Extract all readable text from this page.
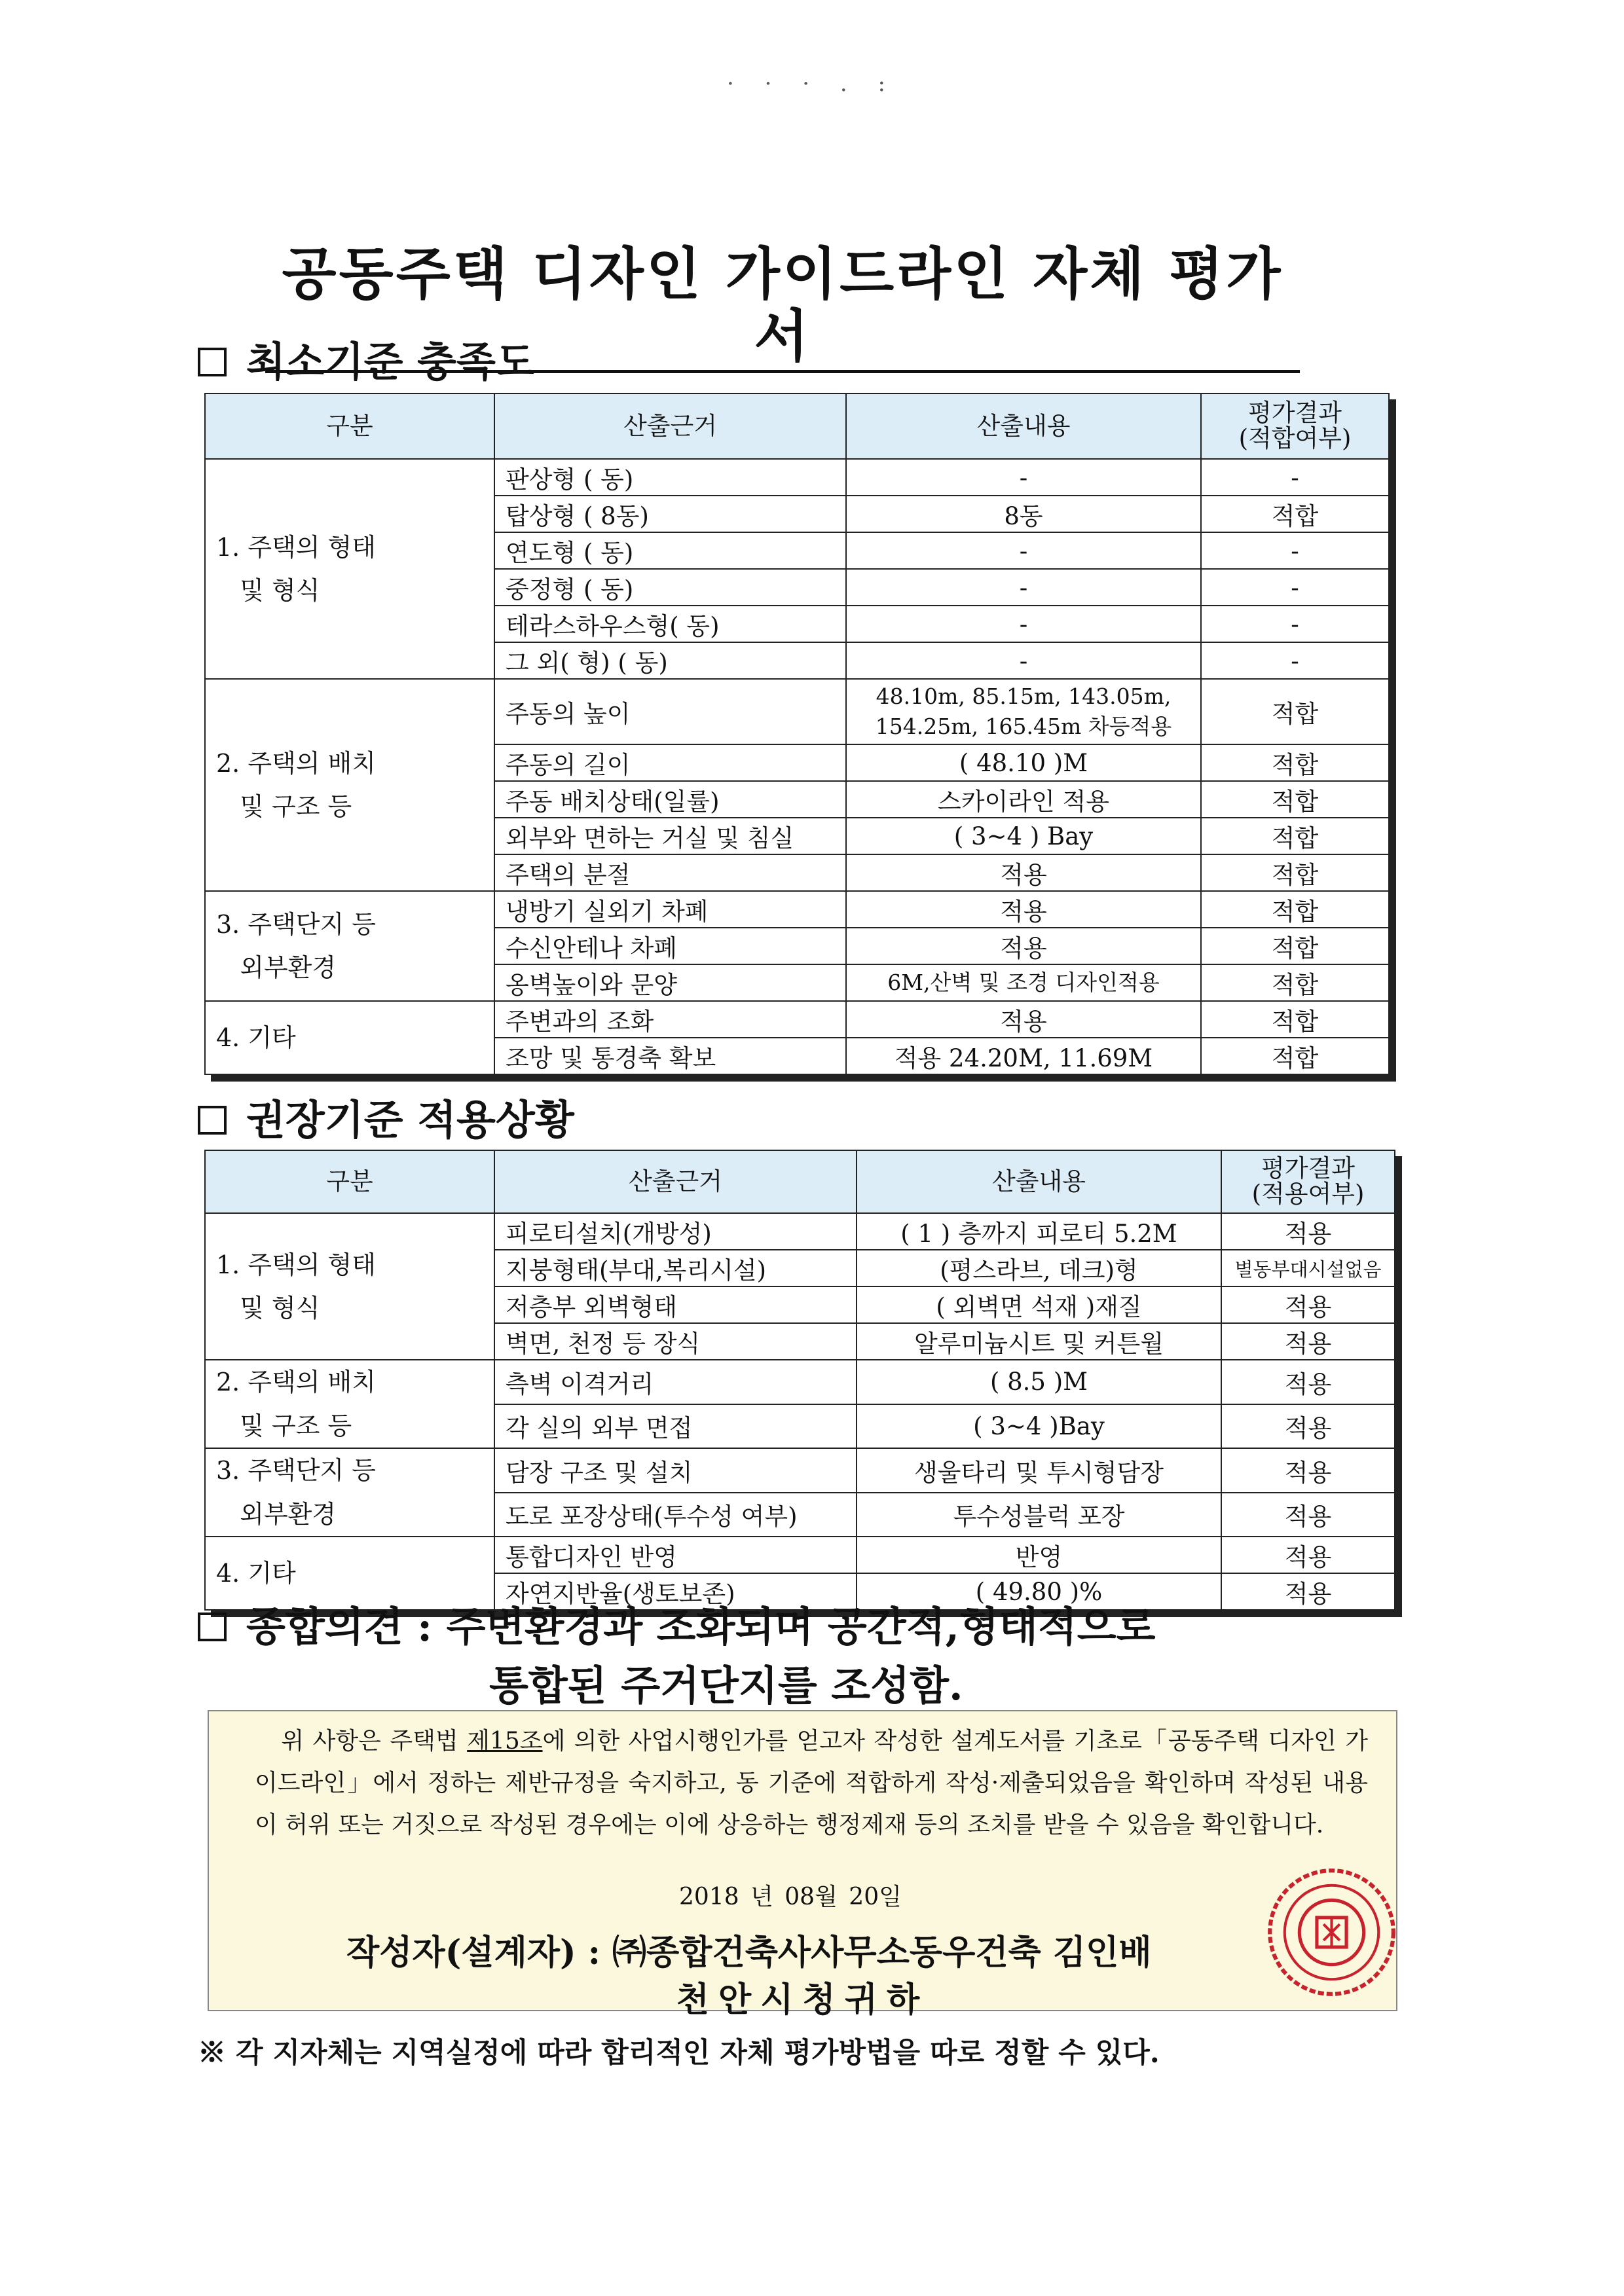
· · · . :
공동주택 디자인 가이드라인 자체 평가서
최소기준 충족도
구분	산출근거	산출내용	평가결과
(적합여부)
1. 주택의 형태
및 형식	판상형 ( 동)	-	-
	탑상형 ( 8동)	8동	적합
	연도형 ( 동)	-	-
	중정형 ( 동)	-	-
	테라스하우스형( 동)	-	-
	그 외( 형) ( 동)	-	-
2. 주택의 배치
및 구조 등	주동의 높이	48.10m, 85.15m, 143.05m,
154.25m, 165.45m 차등적용	적합
	주동의 길이	( 48.10 )M	적합
	주동 배치상태(일률)	스카이라인 적용	적합
	외부와 면하는 거실 및 침실	( 3~4 ) Bay	적합
	주택의 분절	적용	적합
3. 주택단지 등
외부환경	냉방기 실외기 차폐	적용	적합
	수신안테나 차폐	적용	적합
	옹벽높이와 문양	6M,산벽 및 조경 디자인적용	적합
4. 기타	주변과의 조화	적용	적합
	조망 및 통경축 확보	적용 24.20M, 11.69M	적합
권장기준 적용상황
구분	산출근거	산출내용	평가결과
(적용여부)
1. 주택의 형태
및 형식	피로티설치(개방성)	( 1 ) 층까지 피로티 5.2M	적용
	지붕형태(부대,복리시설)	(평스라브, 데크)형	별동부대시설없음
	저층부 외벽형태	( 외벽면 석재 )재질	적용
	벽면, 천정 등 장식	알루미늄시트 및 커튼월	적용
2. 주택의 배치
및 구조 등	측벽 이격거리	( 8.5 )M	적용
	각 실의 외부 면접	( 3~4 )Bay	적용
3. 주택단지 등
외부환경	담장 구조 및 설치	생울타리 및 투시형담장	적용
	도로 포장상태(투수성 여부)	투수성블럭 포장	적용
4. 기타	통합디자인 반영	반영	적용
	자연지반율(생토보존)	( 49.80 )%	적용
종합의견 :
주변환경과 조화되며 공간적,형태적으로
통합된 주거단지를 조성함.
위 사항은 주택법 제15조에 의한 사업시행인가를 얻고자 작성한 설계도서를 기초로「공동주택 디자인 가이드라인」에서 정하는 제반규정을 숙지하고, 동 기준에 적합하게 작성·제출되었음을 확인하며 작성된 내용이 허위 또는 거짓으로 작성된 경우에는 이에 상응하는 행정제재 등의 조치를 받을 수 있음을 확인합니다.
2018 년 08월 20일
작성자(설계자) : ㈜종합건축사사무소동우건축 김인배
천안시청귀하
※ 각 지자체는 지역실정에 따라 합리적인 자체 평가방법을 따로 정할 수 있다.
